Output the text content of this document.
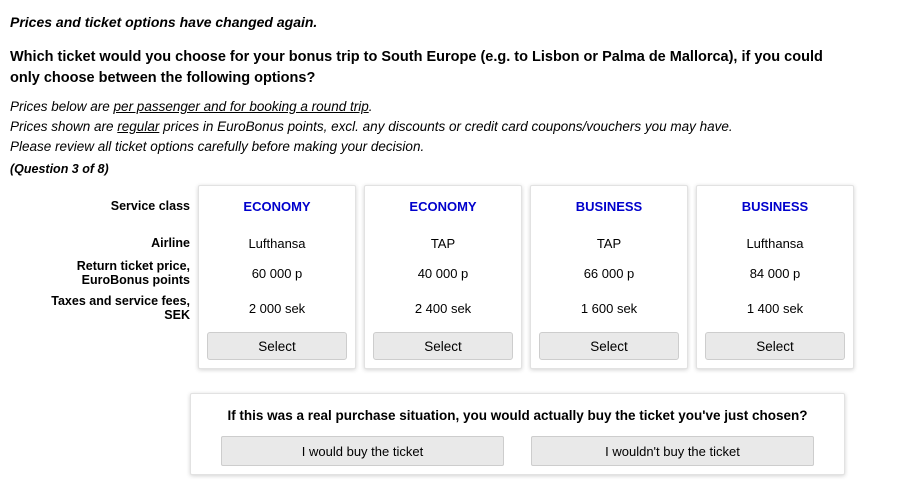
Prices and ticket options have changed again.

Which ticket would you choose for your bonus trip to South Europe (e.g. to Lisbon or Palma de Mallorca), if you could only choose between the following options?

Prices below are per passenger and for booking a round trip.
Prices shown are regular prices in EuroBonus points, excl. any discounts or credit card coupons/vouchers you may have.
Please review all ticket options carefully before making your decision.

(Question 3 of 8)

Service class
Airline
Return ticket price,
EuroBonus points
Taxes and service fees,
SEK
ECONOMY
Lufthansa
60 000 p
2 000 sek
Select
ECONOMY
TAP
40 000 p
2 400 sek
Select
BUSINESS
TAP
66 000 p
1 600 sek
Select
BUSINESS
Lufthansa
84 000 p
1 400 sek
Select
If this was a real purchase situation, you would actually buy the ticket you've just chosen?
I would buy the ticket	I wouldn't buy the ticket
